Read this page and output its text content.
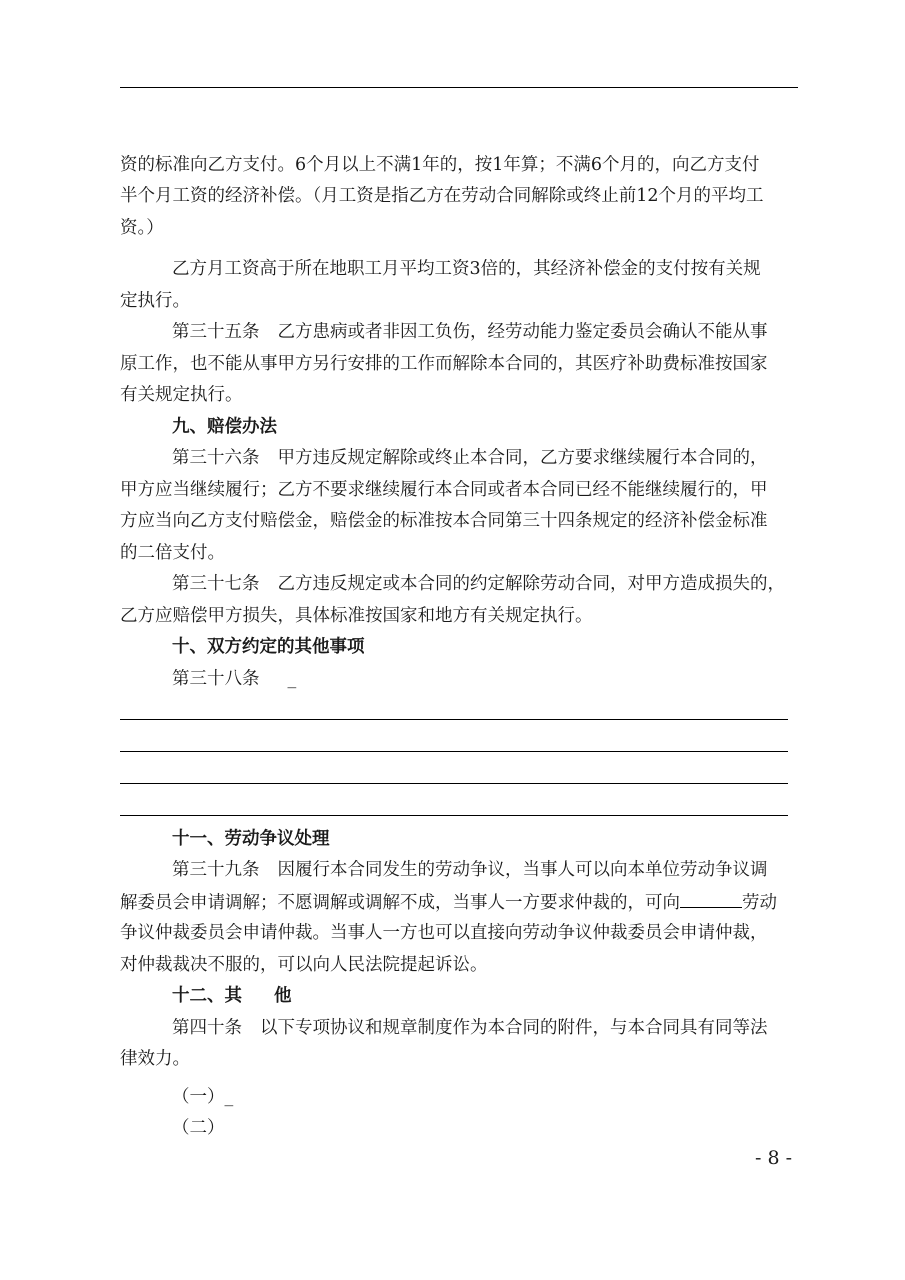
资的标准向乙方支付。6个月以上不满1年的，按1年算；不满6个月的，向乙方支付
半个月工资的经济补偿。（月工资是指乙方在劳动合同解除或终止前12个月的平均工
资。）
乙方月工资高于所在地职工月平均工资3倍的，其经济补偿金的支付按有关规
定执行。
第三十五条 乙方患病或者非因工负伤，经劳动能力鉴定委员会确认不能从事
原工作，也不能从事甲方另行安排的工作而解除本合同的，其医疗补助费标准按国家
有关规定执行。
九、赔偿办法
第三十六条 甲方违反规定解除或终止本合同，乙方要求继续履行本合同的，
甲方应当继续履行；乙方不要求继续履行本合同或者本合同已经不能继续履行的，甲
方应当向乙方支付赔偿金，赔偿金的标准按本合同第三十四条规定的经济补偿金标准
的二倍支付。
第三十七条 乙方违反规定或本合同的约定解除劳动合同，对甲方造成损失的，
乙方应赔偿甲方损失，具体标准按国家和地方有关规定执行。
十、双方约定的其他事项
第三十八条 _
十一、劳动争议处理
第三十九条 因履行本合同发生的劳动争议，当事人可以向本单位劳动争议调
解委员会申请调解；不愿调解或调解不成，当事人一方要求仲裁的，可向	劳动
争议仲裁委员会申请仲裁。当事人一方也可以直接向劳动争议仲裁委员会申请仲裁，
对仲裁裁决不服的，可以向人民法院提起诉讼。
十二、其 他
第四十条 以下专项协议和规章制度作为本合同的附件，与本合同具有同等法
律效力。
（一）_
（二）
- 8 -
